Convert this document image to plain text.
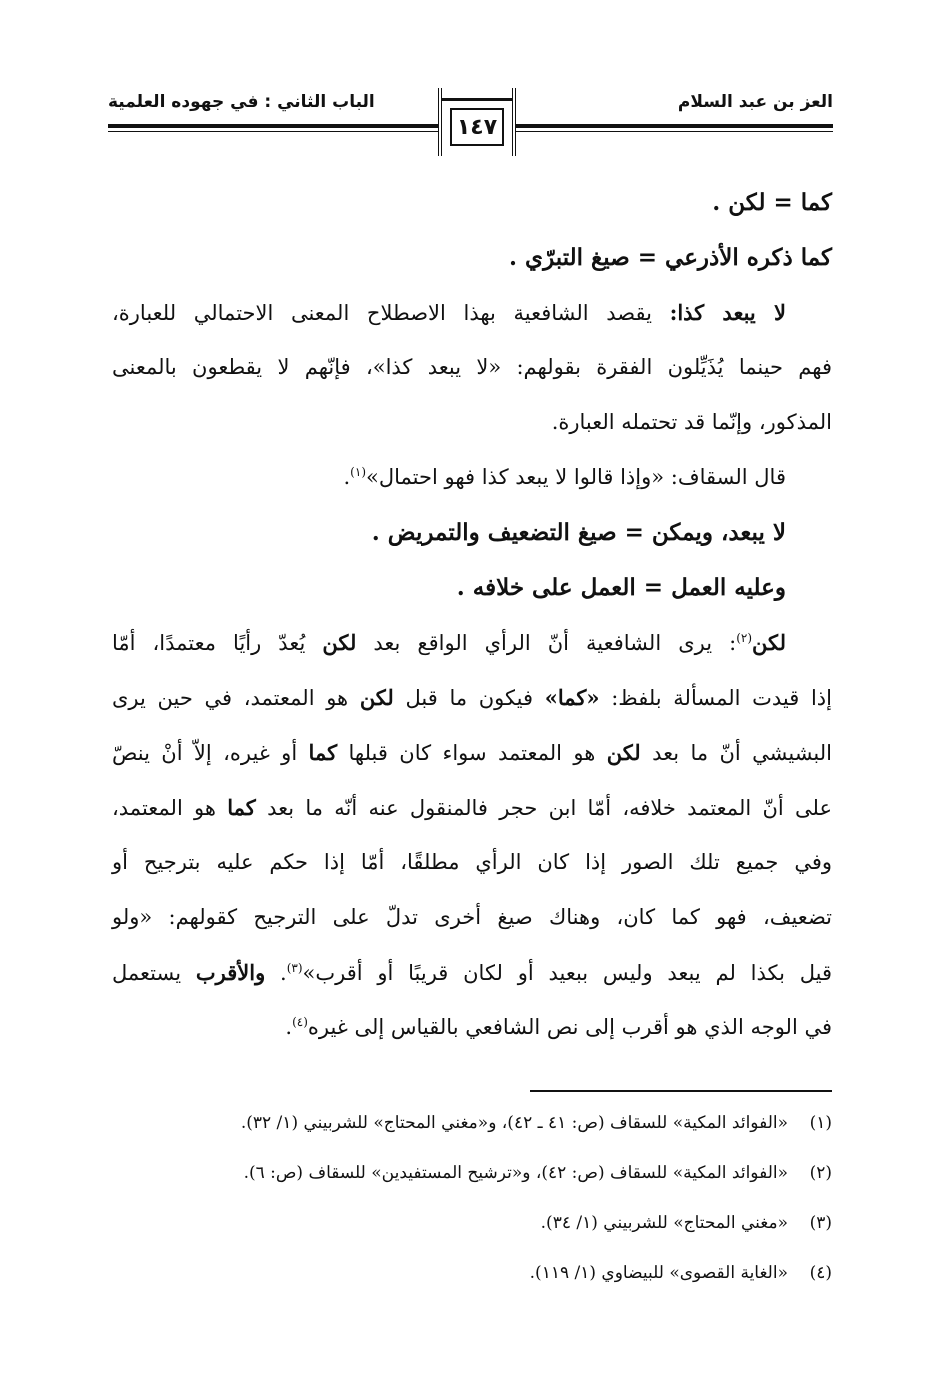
العز بن عبد السلام
الباب الثاني : في جهوده العلمية
١٤٧
كما = لكن .
كما ذكره الأذرعي = صيغ التبرّي .
لا يبعد كذا: يقصد الشافعية بهذا الاصطلاح المعنى الاحتمالي للعبارة،
فهم حينما يُذَيِّلون الفقرة بقولهم: «لا يبعد كذا»، فإنّهم لا يقطعون بالمعنى
المذكور، وإنّما قد تحتمله العبارة.
قال السقاف: «وإذا قالوا لا يبعد كذا فهو احتمال»$^{(١)}$.
لا يبعد، ويمكن = صيغ التضعيف والتمريض .
وعليه العمل = العمل على خلافه .
لكن$^{(٢)}$: يرى الشافعية أنّ الرأي الواقع بعد لكن يُعدّ رأيًا معتمدًا، أمّا
إذا قيدت المسألة بلفظ: «كما» فيكون ما قبل لكن هو المعتمد، في حين يرى
البشيشي أنّ ما بعد لكن هو المعتمد سواء كان قبلها كما أو غيره، إلاّ أنْ ينصّ
على أنّ المعتمد خلافه، أمّا ابن حجر فالمنقول عنه أنّه ما بعد كما هو المعتمد،
وفي جميع تلك الصور إذا كان الرأي مطلقًا، أمّا إذا حكم عليه بترجيح أو
تضعيف، فهو كما كان، وهناك صيغ أخرى تدلّ على الترجيح كقولهم: «ولو
قيل بكذا لم يبعد وليس ببعيد أو لكان قريبًا أو أقرب»$^{(٣)}$. والأقرب يستعمل
في الوجه الذي هو أقرب إلى نص الشافعي بالقياس إلى غيره$^{(٤)}$.
(١)«الفوائد المكية» للسقاف (ص: ٤١ ـ ٤٢)، و«مغني المحتاج» للشربيني (١/ ٣٢).
(٢)«الفوائد المكية» للسقاف (ص: ٤٢)، و«ترشيح المستفيدين» للسقاف (ص: ٦).
(٣)«مغني المحتاج» للشربيني (١/ ٣٤).
(٤)«الغاية القصوى» للبيضاوي (١/ ١١٩).
